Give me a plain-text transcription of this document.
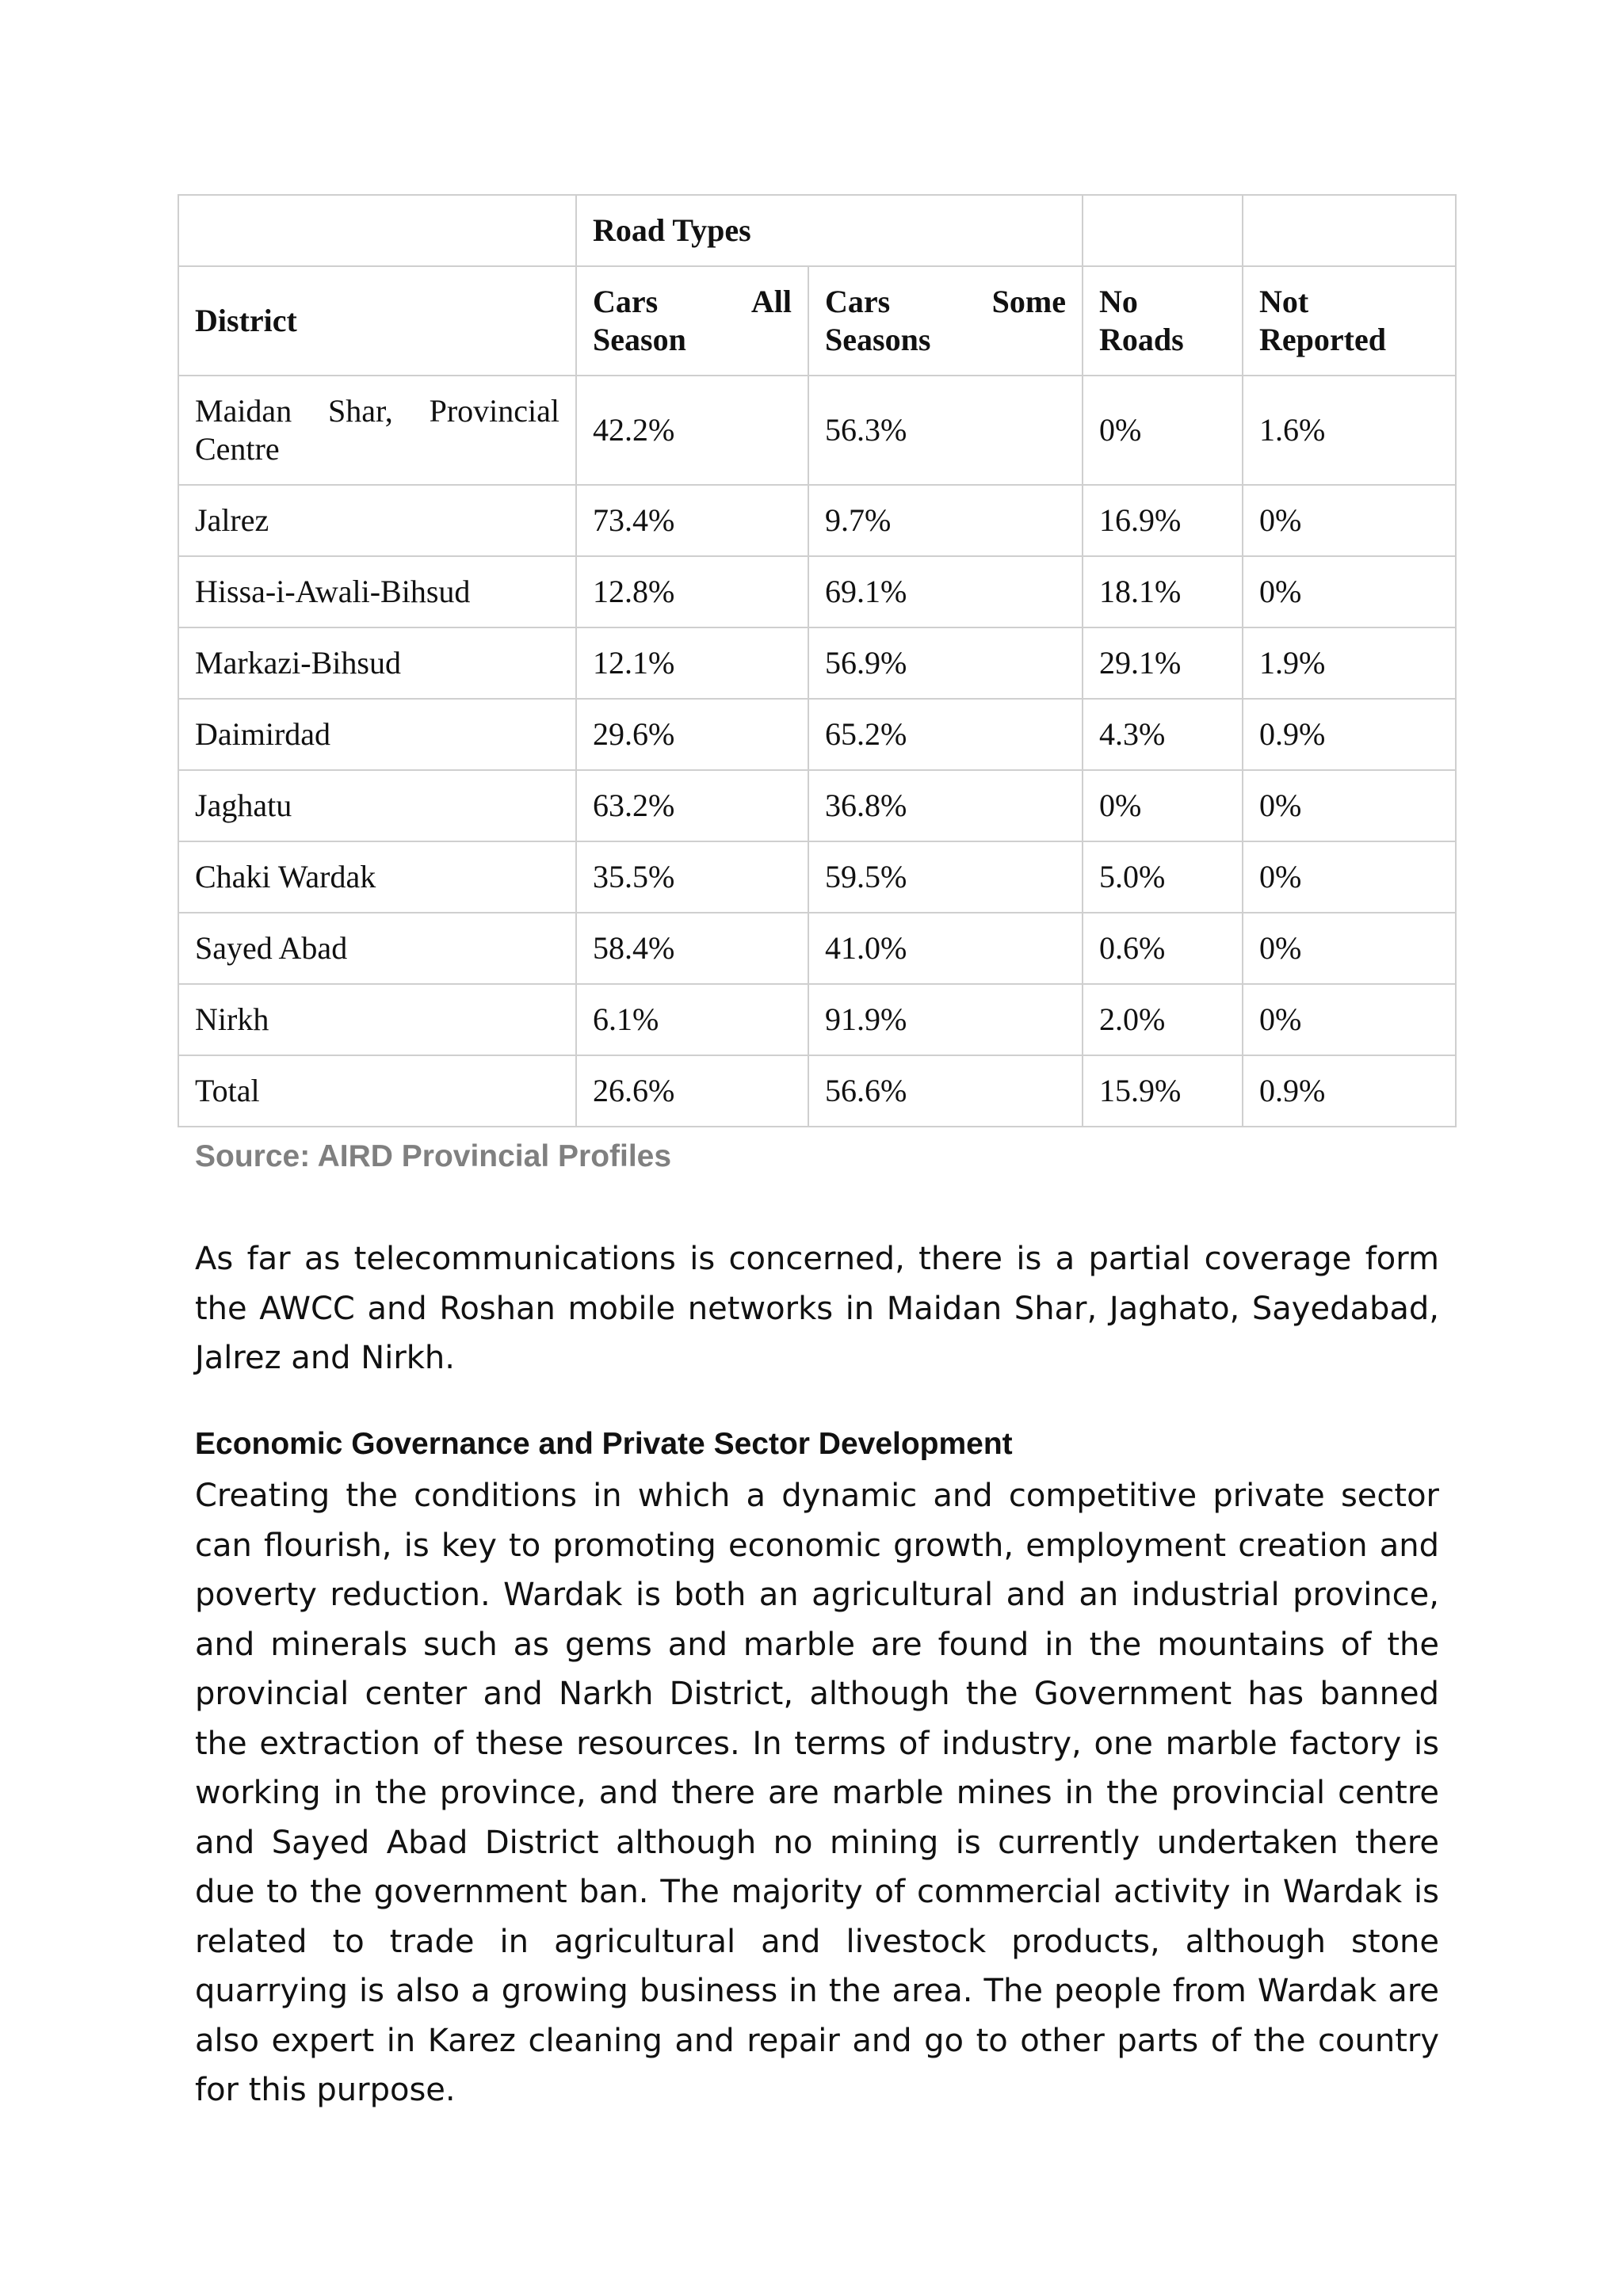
	Road Types			
District	Cars All Season	Cars Some Seasons	No Roads	Not Reported
Maidan Shar, Provincial Centre	42.2%	56.3%	0%	1.6%
Jalrez	73.4%	9.7%	16.9%	0%
Hissa-i-Awali-Bihsud	12.8%	69.1%	18.1%	0%
Markazi-Bihsud	12.1%	56.9%	29.1%	1.9%
Daimirdad	29.6%	65.2%	4.3%	0.9%
Jaghatu	63.2%	36.8%	0%	0%
Chaki Wardak	35.5%	59.5%	5.0%	0%
Sayed Abad	58.4%	41.0%	0.6%	0%
Nirkh	6.1%	91.9%	2.0%	0%
Total	26.6%	56.6%	15.9%	0.9%
Source: AIRD Provincial Profiles

As far as telecommunications is concerned, there is a partial coverage form the AWCC and Roshan mobile networks in Maidan Shar, Jaghato, Sayedabad, Jalrez and Nirkh.

Economic Governance and Private Sector Development

Creating the conditions in which a dynamic and competitive private sector can flourish, is key to promoting economic growth, employment creation and poverty reduction. Wardak is both an agricultural and an industrial province, and minerals such as gems and marble are found in the mountains of the provincial center and Narkh District, although the Government has banned the extraction of these resources. In terms of industry, one marble factory is working in the province, and there are marble mines in the provincial centre and Sayed Abad District although no mining is currently undertaken there due to the government ban. The majority of commercial activity in Wardak is related to trade in agricultural and livestock products, although stone quarrying is also a growing business in the area. The people from Wardak are also expert in Karez cleaning and repair and go to other parts of the country for this purpose.
